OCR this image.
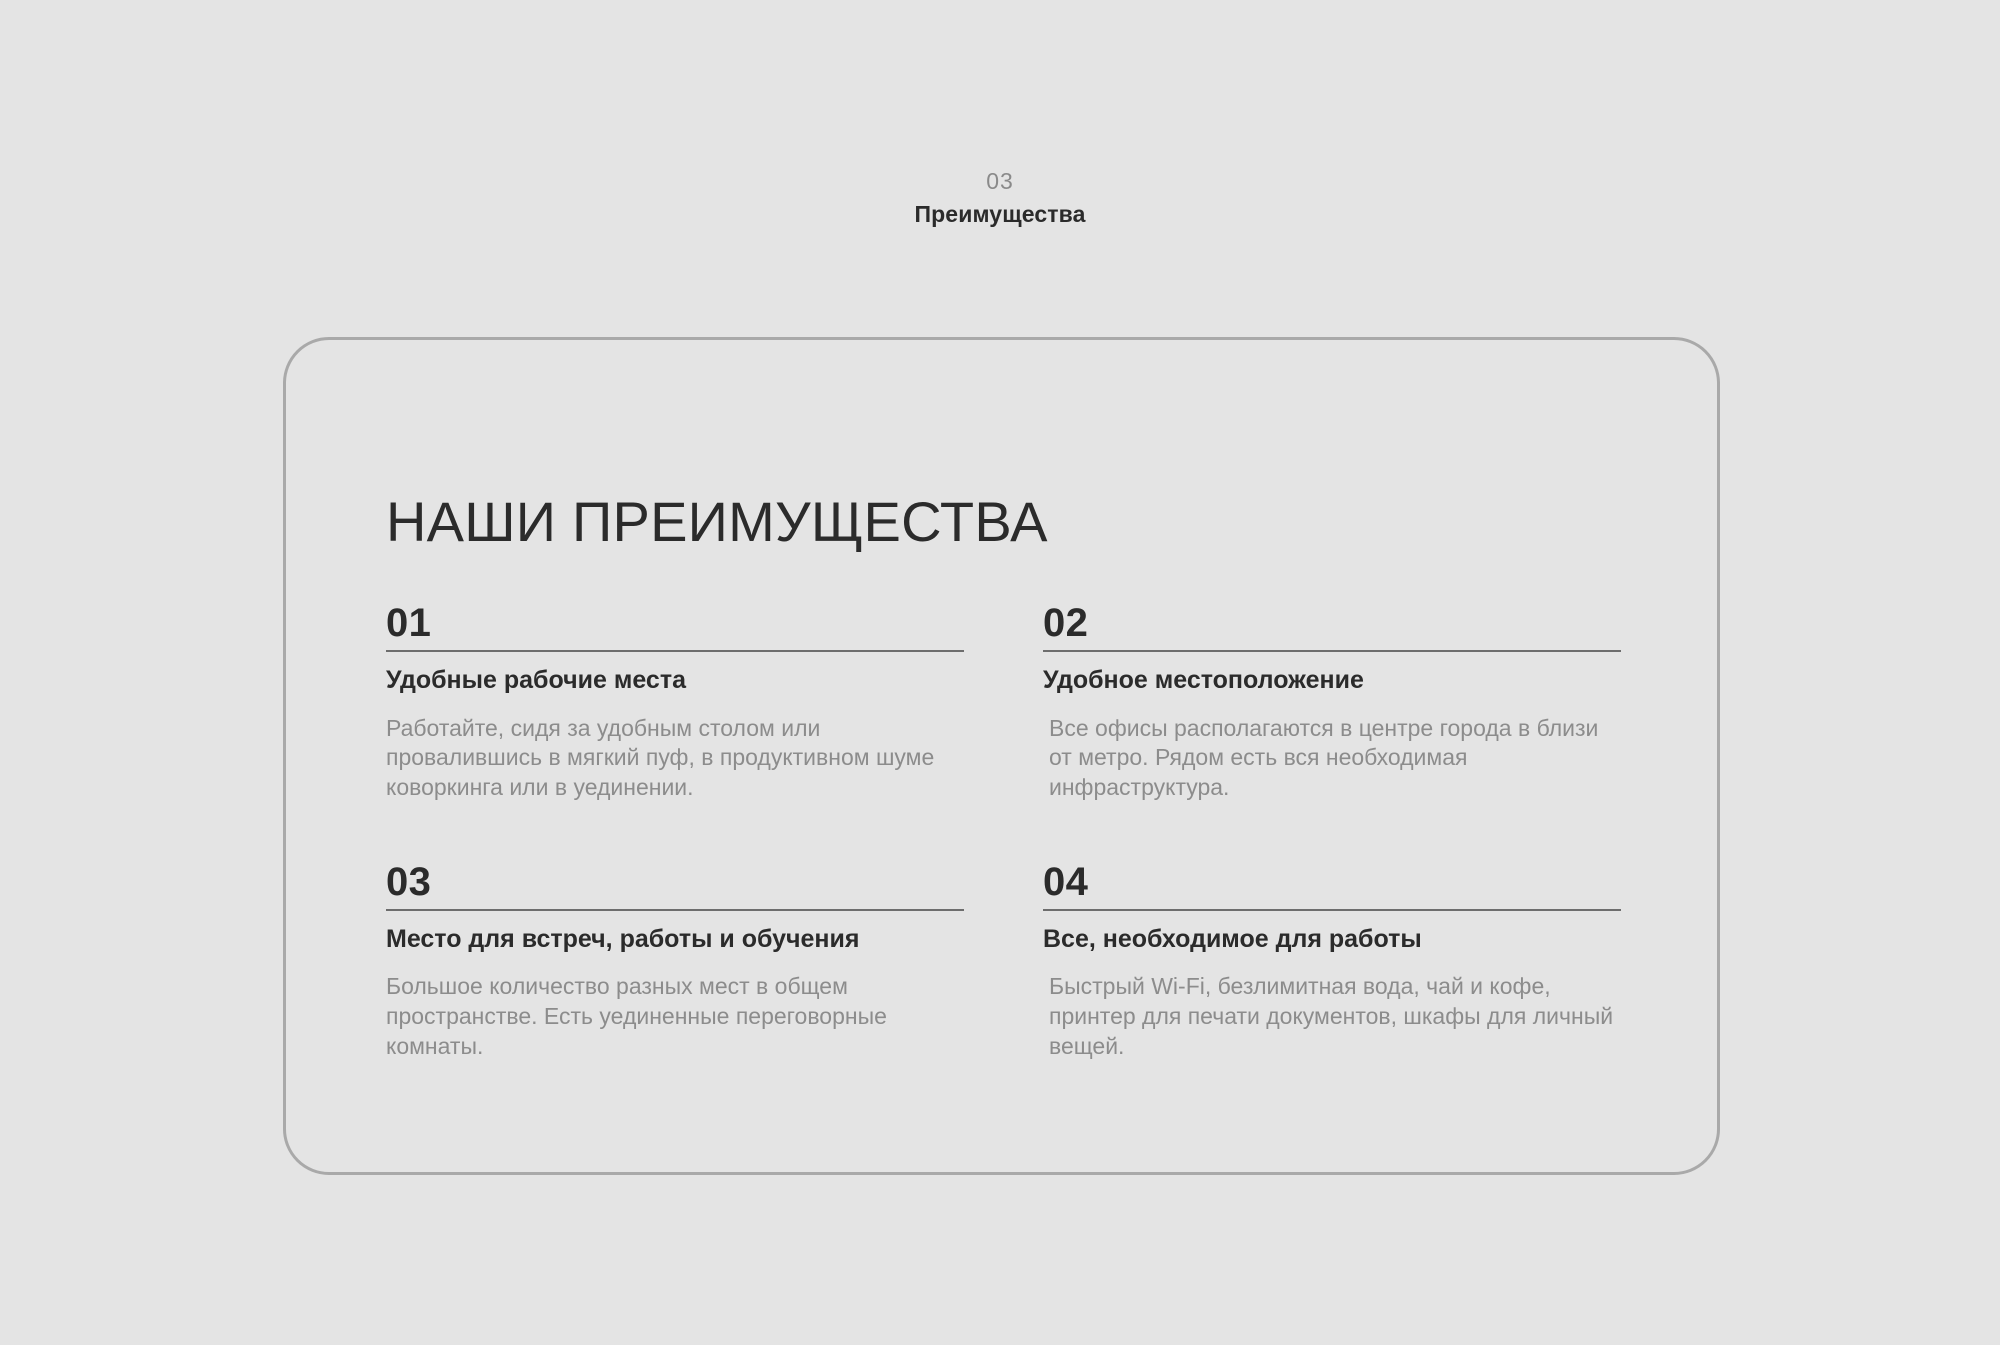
03
Преимущества
НАШИ ПРЕИМУЩЕСТВА
01
Удобные рабочие места
Работайте, сидя за удобным столом или провалившись в мягкий пуф, в продуктивном шуме коворкинга или в уединении.
02
Удобное местоположение
Все офисы располагаются в центре города в близи от метро. Рядом есть вся необходимая инфраструктура.
03
Место для встреч, работы и обучения
Большое количество разных мест в общем пространстве. Есть уединенные переговорные комнаты.
04
Все, необходимое для работы
Быстрый Wi-Fi, безлимитная вода, чай и кофе, принтер для печати документов, шкафы для личный вещей.
